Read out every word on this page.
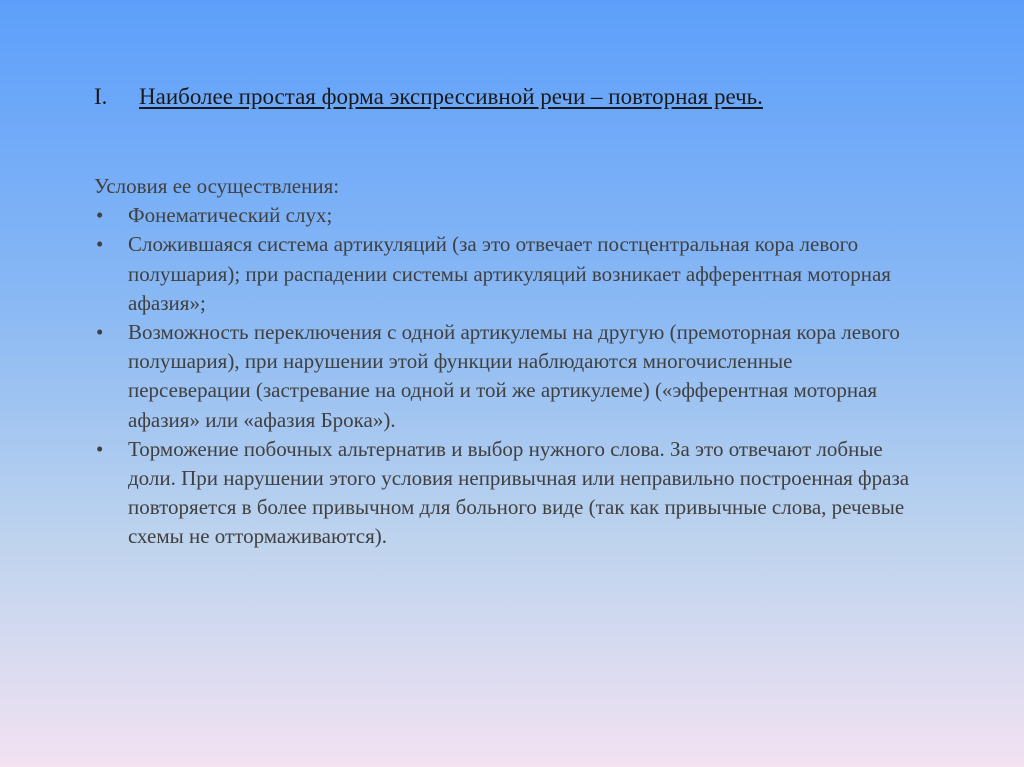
I.	Наиболее простая форма экспрессивной речи – повторная речь.

Условия ее осуществления:

•	Фонематический слух;
•	Сложившаяся система артикуляций (за это отвечает постцентральная кора левого полушария); при распадении системы артикуляций возникает афферентная моторная афазия»;
•	Возможность переключения с одной артикулемы на другую (премоторная кора левого полушария), при нарушении этой функции наблюдаются многочисленные персеверации (застревание на одной и той же артикулеме) («эфферентная моторная афазия» или «афазия Брока»).
•	Торможение побочных альтернатив и выбор нужного слова. За это отвечают лобные доли. При нарушении этого условия непривычная или неправильно построенная фраза повторяется в более привычном для больного виде (так как привычные слова, речевые схемы не оттормаживаются).
